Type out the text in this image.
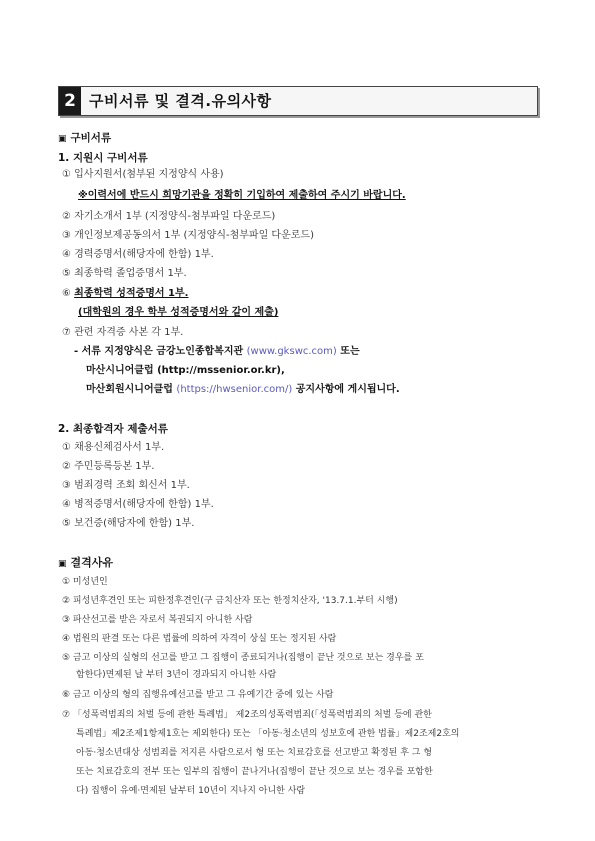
2 구비서류 및 결격.유의사항
▣ 구비서류
1. 지원시 구비서류
① 입사지원서(첨부된 지정양식 사용)
※이력서에 반드시 희망기관을 정확히 기입하여 제출하여 주시기 바랍니다.
② 자기소개서 1부 (지정양식-첨부파일 다운로드)
③ 개인정보제공동의서 1부 (지정양식-첨부파일 다운로드)
④ 경력증명서(해당자에 한함) 1부.
⑤ 최종학력 졸업증명서 1부.
⑥ 최종학력 성적증명서 1부.
(대학원의 경우 학부 성적증명서와 같이 제출)
⑦ 관련 자격증 사본 각 1부.
- 서류 지정양식은 금강노인종합복지관 (www.gkswc.com) 또는
마산시니어클럽 (http://mssenior.or.kr),
마산회원시니어클럽 (https://hwsenior.com/) 공지사항에 게시됩니다.
2. 최종합격자 제출서류
① 채용신체검사서 1부.
② 주민등록등본 1부.
③ 범죄경력 조회 회신서 1부.
④ 병적증명서(해당자에 한함) 1부.
⑤ 보건증(해당자에 한함) 1부.
▣ 결격사유
① 미성년인
② 피성년후견인 또는 피한정후견인(구 금치산자 또는 한정치산자, '13.7.1.부터 시행)
③ 파산선고를 받은 자로서 복권되지 아니한 사람
④ 법원의 판결 또는 다른 법률에 의하여 자격이 상실 또는 정지된 사람
⑤ 금고 이상의 실형의 선고를 받고 그 집행이 종료되거나(집행이 끝난 것으로 보는 경우를 포
함한다)면제된 날 부터 3년이 경과되지 아니한 사람
⑥ 금고 이상의 형의 집행유예선고를 받고 그 유예기간 중에 있는 사람
⑦ 「성폭력범죄의 처벌 등에 관한 특례법」 제2조의성폭력범죄(「성폭력범죄의 처벌 등에 관한
특례법」제2조제1항제1호는 제외한다) 또는 「아동·청소년의 성보호에 관한 법률」제2조제2호의
아동·청소년대상 성범죄를 저지른 사람으로서 형 또는 치료감호를 선고받고 확정된 후 그 형
또는 치료감호의 전부 또는 일부의 집행이 끝나거나(집행이 끝난 것으로 보는 경우를 포함한
다) 집행이 유예·면제된 날부터 10년이 지나지 아니한 사람
